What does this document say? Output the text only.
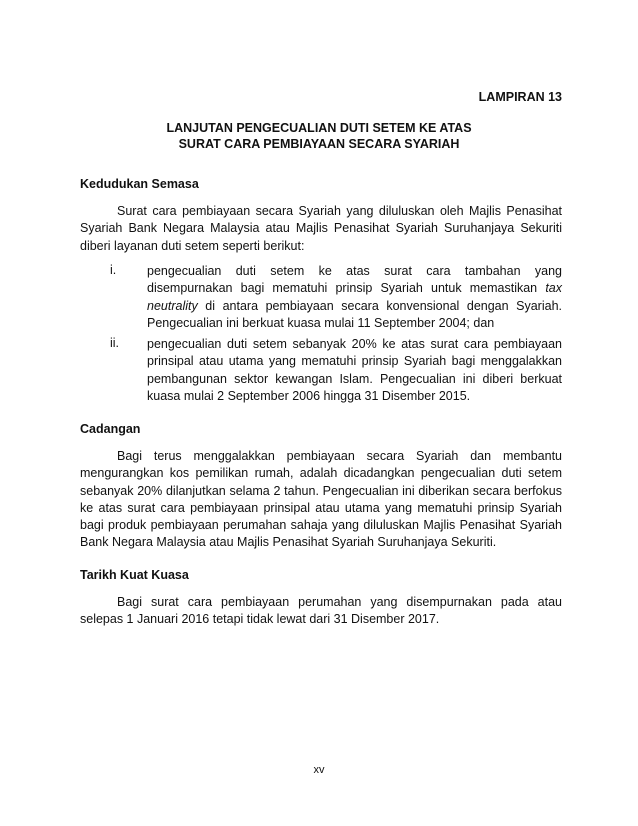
LAMPIRAN 13
LANJUTAN PENGECUALIAN DUTI SETEM KE ATAS
SURAT CARA PEMBIAYAAN SECARA SYARIAH
Kedudukan Semasa

Surat cara pembiayaan secara Syariah yang diluluskan oleh Majlis Penasihat Syariah Bank Negara Malaysia atau Majlis Penasihat Syariah Suruhanjaya Sekuriti diberi layanan duti setem seperti berikut:

i. pengecualian duti setem ke atas surat cara tambahan yang disempurnakan bagi mematuhi prinsip Syariah untuk memastikan tax neutrality di antara pembiayaan secara konvensional dengan Syariah. Pengecualian ini berkuat kuasa mulai 11 September 2004; dan

ii. pengecualian duti setem sebanyak 20% ke atas surat cara pembiayaan prinsipal atau utama yang mematuhi prinsip Syariah bagi menggalakkan pembangunan sektor kewangan Islam. Pengecualian ini diberi berkuat kuasa mulai 2 September 2006 hingga 31 Disember 2015.

Cadangan

Bagi terus menggalakkan pembiayaan secara Syariah dan membantu mengurangkan kos pemilikan rumah, adalah dicadangkan pengecualian duti setem sebanyak 20% dilanjutkan selama 2 tahun. Pengecualian ini diberikan secara berfokus ke atas surat cara pembiayaan prinsipal atau utama yang mematuhi prinsip Syariah bagi produk pembiayaan perumahan sahaja yang diluluskan Majlis Penasihat Syariah Bank Negara Malaysia atau Majlis Penasihat Syariah Suruhanjaya Sekuriti.

Tarikh Kuat Kuasa

Bagi surat cara pembiayaan perumahan yang disempurnakan pada atau selepas 1 Januari 2016 tetapi tidak lewat dari 31 Disember 2017.

xv
